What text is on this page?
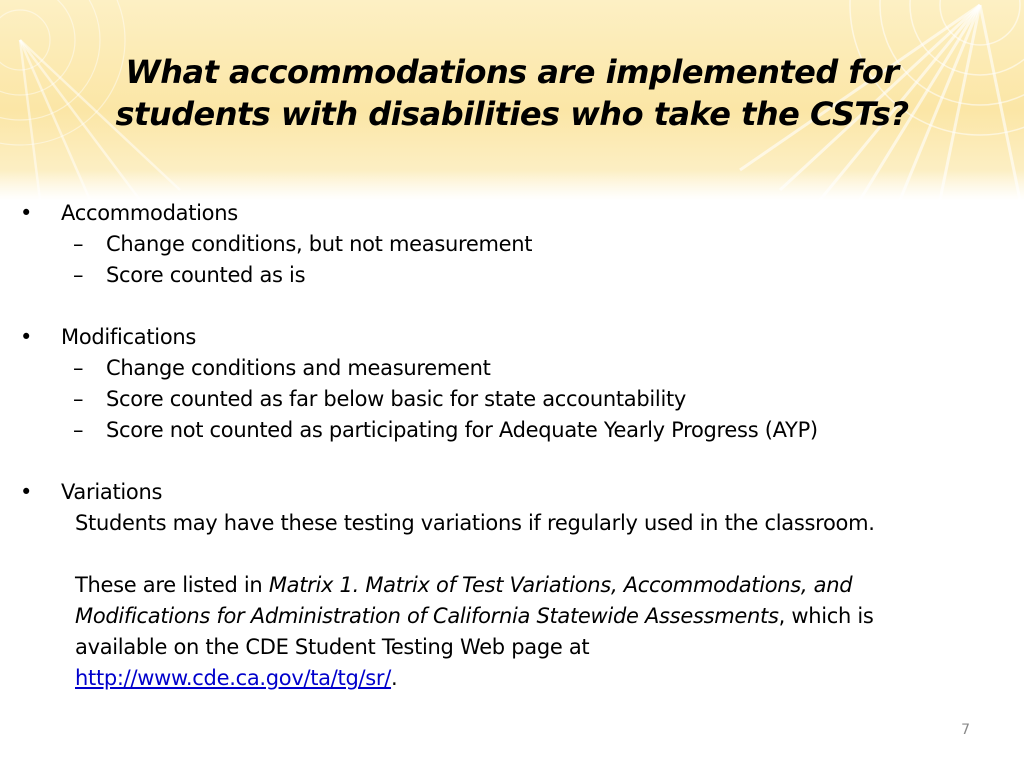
What accommodations are implemented for
students with disabilities who take the CSTs?
•	Accommodations
– Change conditions, but not measurement
– Score counted as is
•	Modifications
– Change conditions and measurement
– Score counted as far below basic for state accountability
– Score not counted as participating for Adequate Yearly Progress (AYP)
•	Variations
Students may have these testing variations if regularly used in the classroom.
These are listed in Matrix 1. Matrix of Test Variations, Accommodations, and
Modifications for Administration of California Statewide Assessments, which is
available on the CDE Student Testing Web page at
http://www.cde.ca.gov/ta/tg/sr/.
7
